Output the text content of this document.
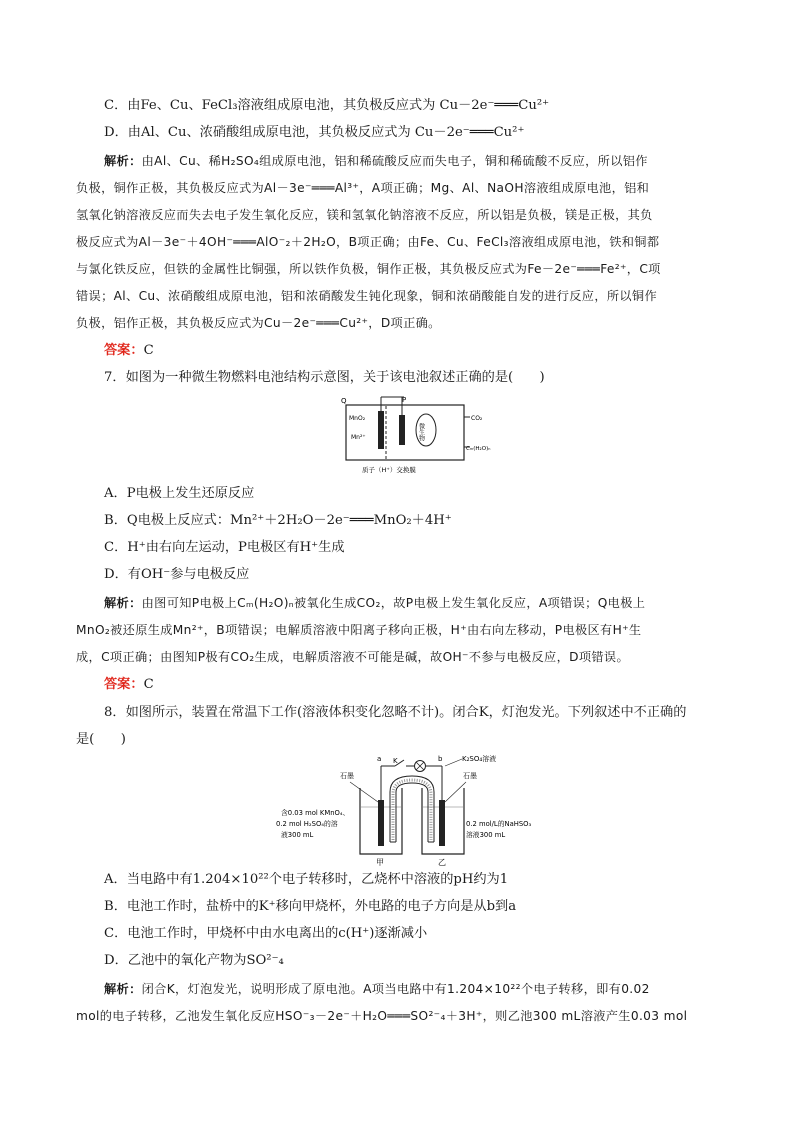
C．由Fe、Cu、FeCl₃溶液组成原电池，其负极反应式为 Cu－2e⁻═══Cu²⁺
D．由Al、Cu、浓硝酸组成原电池，其负极反应式为 Cu－2e⁻═══Cu²⁺
解析：由Al、Cu、稀H₂SO₄组成原电池，铝和稀硫酸反应而失电子，铜和稀硫酸不反应，所以铝作
负极，铜作正极，其负极反应式为Al－3e⁻═══Al³⁺，A项正确；Mg、Al、NaOH溶液组成原电池，铝和
氢氧化钠溶液反应而失去电子发生氧化反应，镁和氢氧化钠溶液不反应，所以铝是负极，镁是正极，其负
极反应式为Al－3e⁻＋4OH⁻═══AlO⁻₂＋2H₂O，B项正确；由Fe、Cu、FeCl₃溶液组成原电池，铁和铜都
与氯化铁反应，但铁的金属性比铜强，所以铁作负极，铜作正极，其负极反应式为Fe－2e⁻═══Fe²⁺，C项
错误；Al、Cu、浓硝酸组成原电池，铝和浓硝酸发生钝化现象，铜和浓硝酸能自发的进行反应，所以铜作
负极，铝作正极，其负极反应式为Cu－2e⁻═══Cu²⁺，D项正确。
答案：C
7．如图为一种微生物燃料电池结构示意图，关于该电池叙述正确的是(　　)
Q	P
MnO₂
Mn²⁺	微生物
CO₂
Cₘ(H₂O)ₙ
质子（H⁺）交换膜
A．P电极上发生还原反应
B．Q电极上反应式：Mn²⁺＋2H₂O－2e⁻═══MnO₂＋4H⁺
C．H⁺由右向左运动，P电极区有H⁺生成
D．有OH⁻参与电极反应
解析：由图可知P电极上Cₘ(H₂O)ₙ被氧化生成CO₂，故P电极上发生氧化反应，A项错误；Q电极上
MnO₂被还原生成Mn²⁺，B项错误；电解质溶液中阳离子移向正极，H⁺由右向左移动，P电极区有H⁺生
成，C项正确；由图知P极有CO₂生成，电解质溶液不可能是碱，故OH⁻不参与电极反应，D项错误。
答案：C
8．如图所示，装置在常温下工作(溶液体积变化忽略不计)。闭合K，灯泡发光。下列叙述中不正确的
是(　　)
a K	b	K₂SO₄溶液
石墨	石墨
含0.03 mol KMnO₄、
0.2 mol H₂SO₄的溶
液300 mL
0.2 mol/L的NaHSO₃
溶液300 mL
甲	乙
A．当电路中有1.204×10²²个电子转移时，乙烧杯中溶液的pH约为1
B．电池工作时，盐桥中的K⁺移向甲烧杯，外电路的电子方向是从b到a
C．电池工作时，甲烧杯中由水电离出的c(H⁺)逐渐减小
D．乙池中的氧化产物为SO²⁻₄
解析：闭合K，灯泡发光，说明形成了原电池。A项当电路中有1.204×10²²个电子转移，即有0.02
mol的电子转移，乙池发生氧化反应HSO⁻₃－2e⁻＋H₂O═══SO²⁻₄＋3H⁺，则乙池300 mL溶液产生0.03 mol
